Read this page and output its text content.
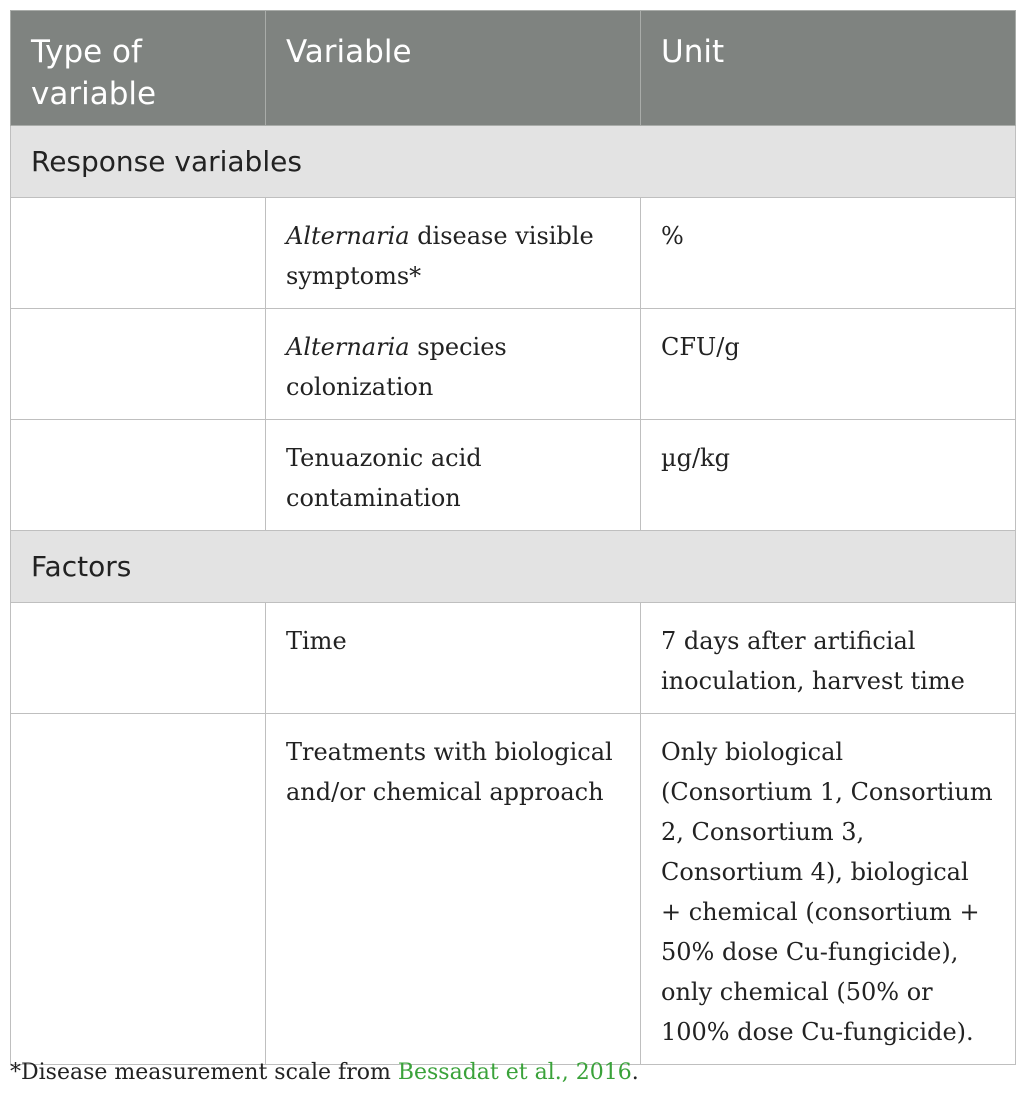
Type of variable	Variable	Unit
Response variables		
	Alternaria disease visible symptoms*	%
	Alternaria species colonization	CFU/g
	Tenuazonic acid contamination	µg/kg
Factors		
	Time	7 days after artificial inoculation, harvest time
	Treatments with biological and/or chemical approach	Only biological (Consortium 1, Consortium 2, Consortium 3, Consortium 4), biological + chemical (consortium + 50% dose Cu-fungicide), only chemical (50% or 100% dose Cu-fungicide).
*Disease measurement scale from Bessadat et al., 2016.
